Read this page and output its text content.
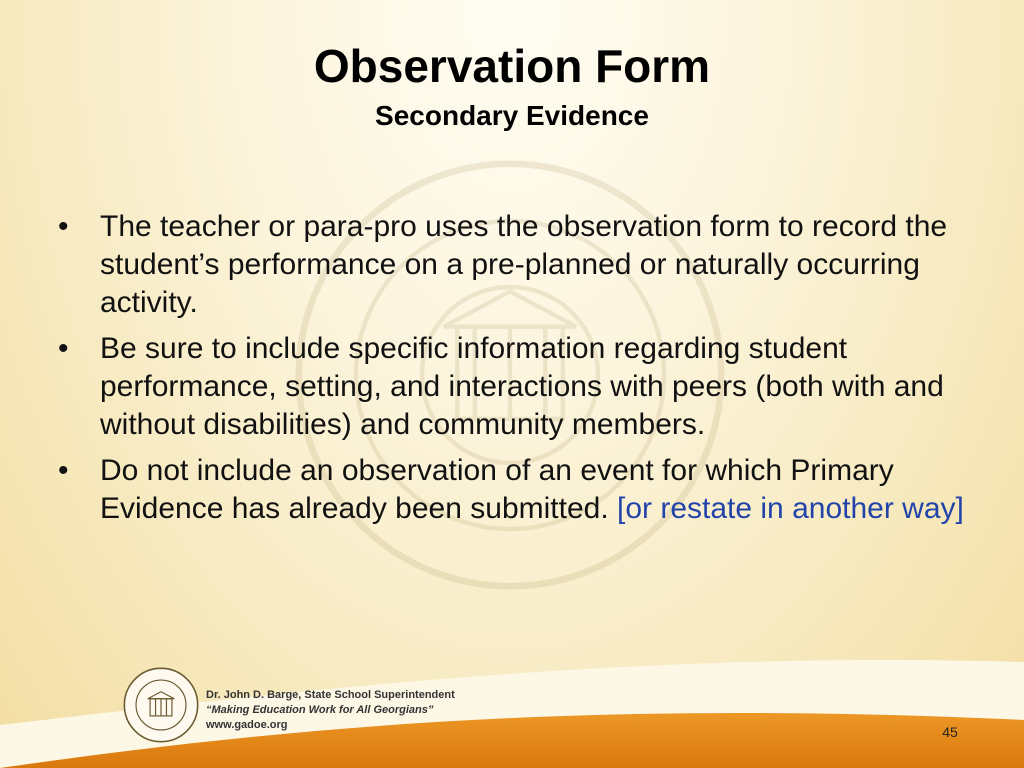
Observation Form
Secondary Evidence
• The teacher or para-pro uses the observation form to record the student’s performance on a pre-planned or naturally occurring activity.
• Be sure to include specific information regarding student performance, setting, and interactions with peers (both with and without disabilities) and community members.
• Do not include an observation of an event for which Primary Evidence has already been submitted. [or restate in another way]
Dr. John D. Barge, State School Superintendent
“Making Education Work for All Georgians”
www.gadoe.org	45
